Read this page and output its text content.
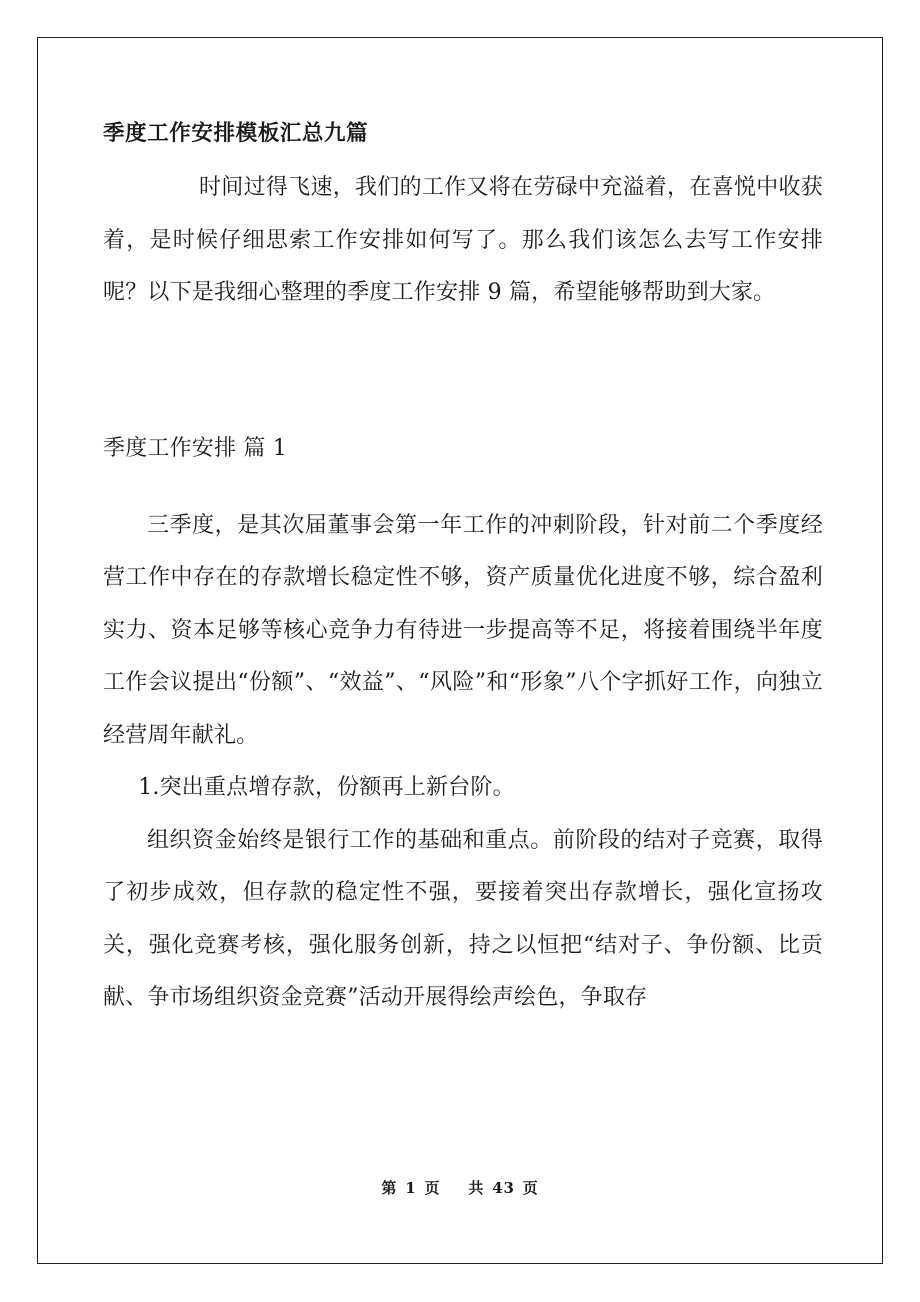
季度工作安排模板汇总九篇

时间过得飞速，我们的工作又将在劳碌中充溢着，在喜悦中收获着，是时候仔细思索工作安排如何写了。那么我们该怎么去写工作安排呢？以下是我细心整理的季度工作安排 9 篇，希望能够帮助到大家。

季度工作安排 篇 1

三季度，是其次届董事会第一年工作的冲刺阶段，针对前二个季度经营工作中存在的存款增长稳定性不够，资产质量优化进度不够，综合盈利实力、资本足够等核心竞争力有待进一步提高等不足，将接着围绕半年度工作会议提出“份额”、“效益”、“风险”和“形象”八个字抓好工作，向独立经营周年献礼。

1.突出重点增存款，份额再上新台阶。

组织资金始终是银行工作的基础和重点。前阶段的结对子竞赛，取得了初步成效，但存款的稳定性不强，要接着突出存款增长，强化宣扬攻关，强化竞赛考核，强化服务创新，持之以恒把“结对子、争份额、比贡献、争市场组织资金竞赛”活动开展得绘声绘色，争取存

第 1 页 共 43 页
